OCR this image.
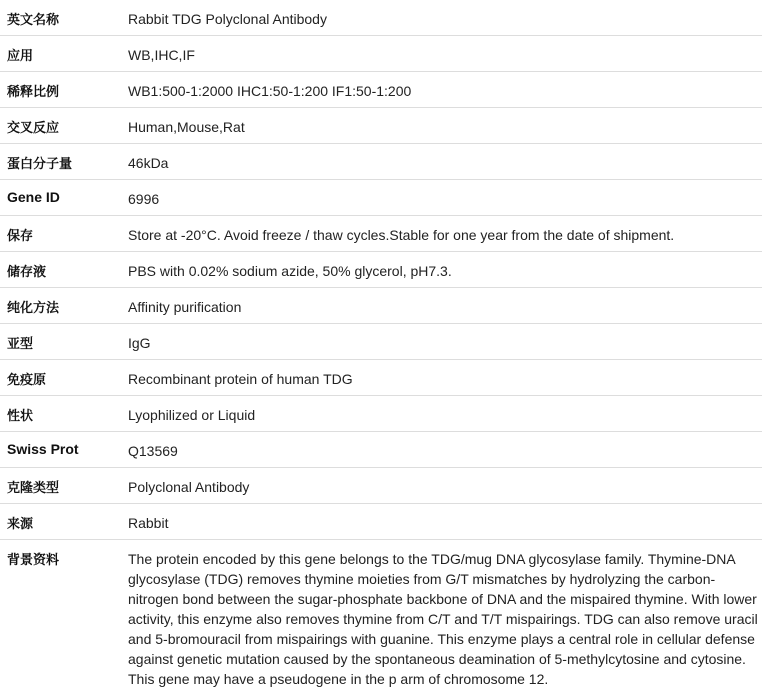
英文名称	Rabbit TDG Polyclonal Antibody
应用	WB,IHC,IF
稀释比例	WB1:500-1:2000 IHC1:50-1:200 IF1:50-1:200
交叉反应	Human,Mouse,Rat
蛋白分子量	46kDa
Gene ID	6996
保存	Store at -20°C. Avoid freeze / thaw cycles.Stable for one year from the date of shipment.
储存液	PBS with 0.02% sodium azide, 50% glycerol, pH7.3.
纯化方法	Affinity purification
亚型	IgG
免疫原	Recombinant protein of human TDG
性状	Lyophilized or Liquid
Swiss Prot	Q13569
克隆类型	Polyclonal Antibody
来源	Rabbit
背景资料	The protein encoded by this gene belongs to the TDG/mug DNA glycosylase family. Thymine-DNA glycosylase (TDG) removes thymine moieties from G/T mismatches by hydrolyzing the carbon-nitrogen bond between the sugar-phosphate backbone of DNA and the mispaired thymine. With lower activity, this enzyme also removes thymine from C/T and T/T mispairings. TDG can also remove uracil and 5-bromouracil from mispairings with guanine. This enzyme plays a central role in cellular defense against genetic mutation caused by the spontaneous deamination of 5-methylcytosine and cytosine. This gene may have a pseudogene in the p arm of chromosome 12.
